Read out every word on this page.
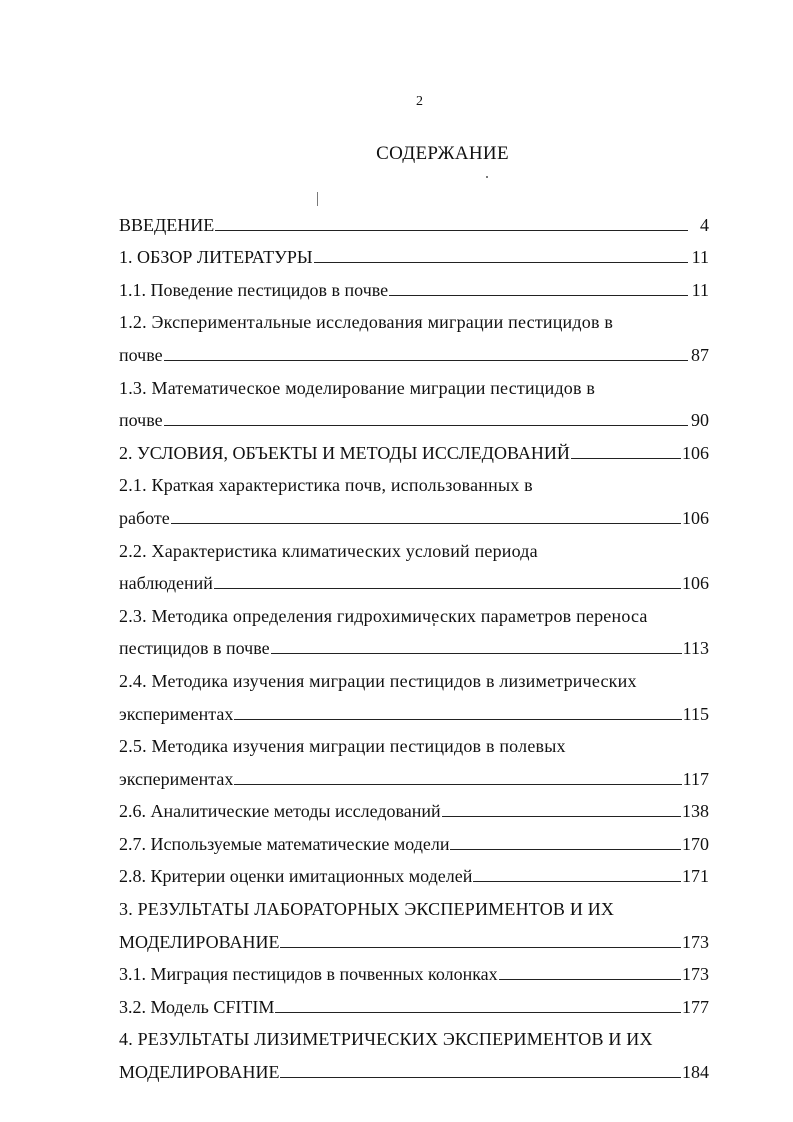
2
СОДЕРЖАНИЕ
ВВЕДЕНИЕ	4
1. ОБЗОР ЛИТЕРАТУРЫ	11
1.1. Поведение пестицидов в почве	11
1.2. Экспериментальные исследования миграции пестицидов в
почве	87
1.3. Математическое моделирование миграции пестицидов в
почве	90
2. УСЛОВИЯ, ОБЪЕКТЫ И МЕТОДЫ ИССЛЕДОВАНИЙ	106
2.1. Краткая характеристика почв, использованных в
работе	106
2.2. Характеристика климатических условий периода
наблюдений	106
2.3. Методика определения гидрохимических параметров переноса
пестицидов в почве	113
2.4. Методика изучения миграции пестицидов в лизиметрических
экспериментах	115
2.5. Методика изучения миграции пестицидов в полевых
экспериментах	117
2.6. Аналитические методы исследований	138
2.7. Используемые математические модели	170
2.8. Критерии оценки имитационных моделей	171
3. РЕЗУЛЬТАТЫ ЛАБОРАТОРНЫХ ЭКСПЕРИМЕНТОВ И ИХ
МОДЕЛИРОВАНИЕ	173
3.1. Миграция пестицидов в почвенных колонках	173
3.2. Модель CFITIM	177
4. РЕЗУЛЬТАТЫ ЛИЗИМЕТРИЧЕСКИХ ЭКСПЕРИМЕНТОВ И ИХ
МОДЕЛИРОВАНИЕ	184
